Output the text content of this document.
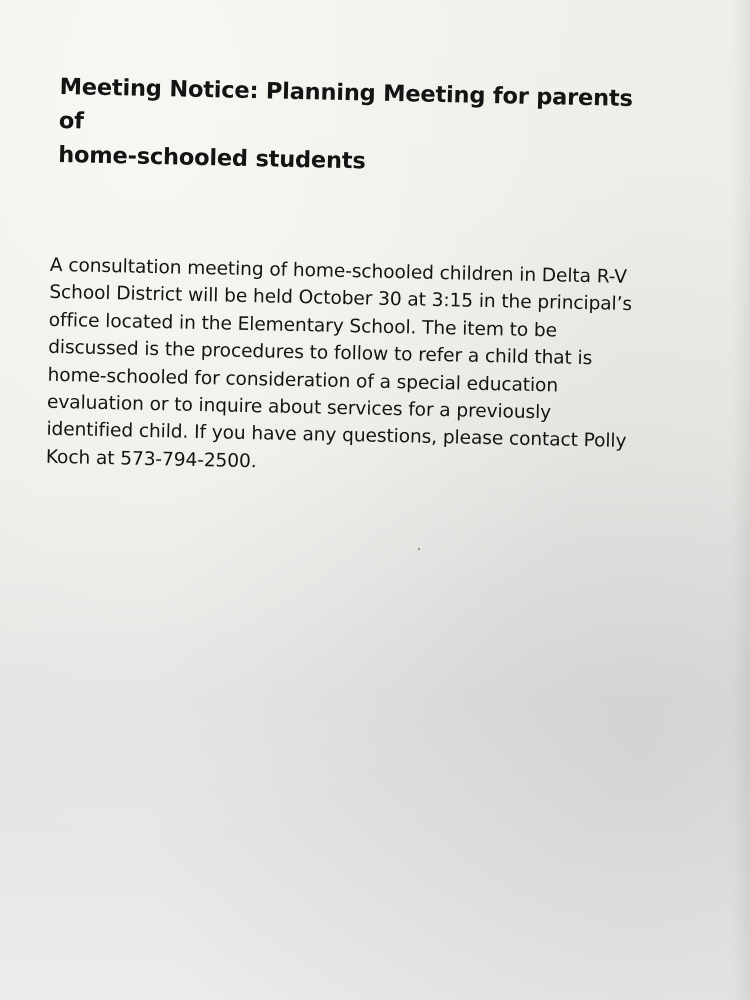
Meeting Notice: Planning Meeting for parents of
home-schooled students

A consultation meeting of home-schooled children in Delta R-V
School District will be held October 30 at 3:15 in the principal’s
office located in the Elementary School. The item to be
discussed is the procedures to follow to refer a child that is
home-schooled for consideration of a special education
evaluation or to inquire about services for a previously
identified child. If you have any questions, please contact Polly
Koch at 573-794-2500.
